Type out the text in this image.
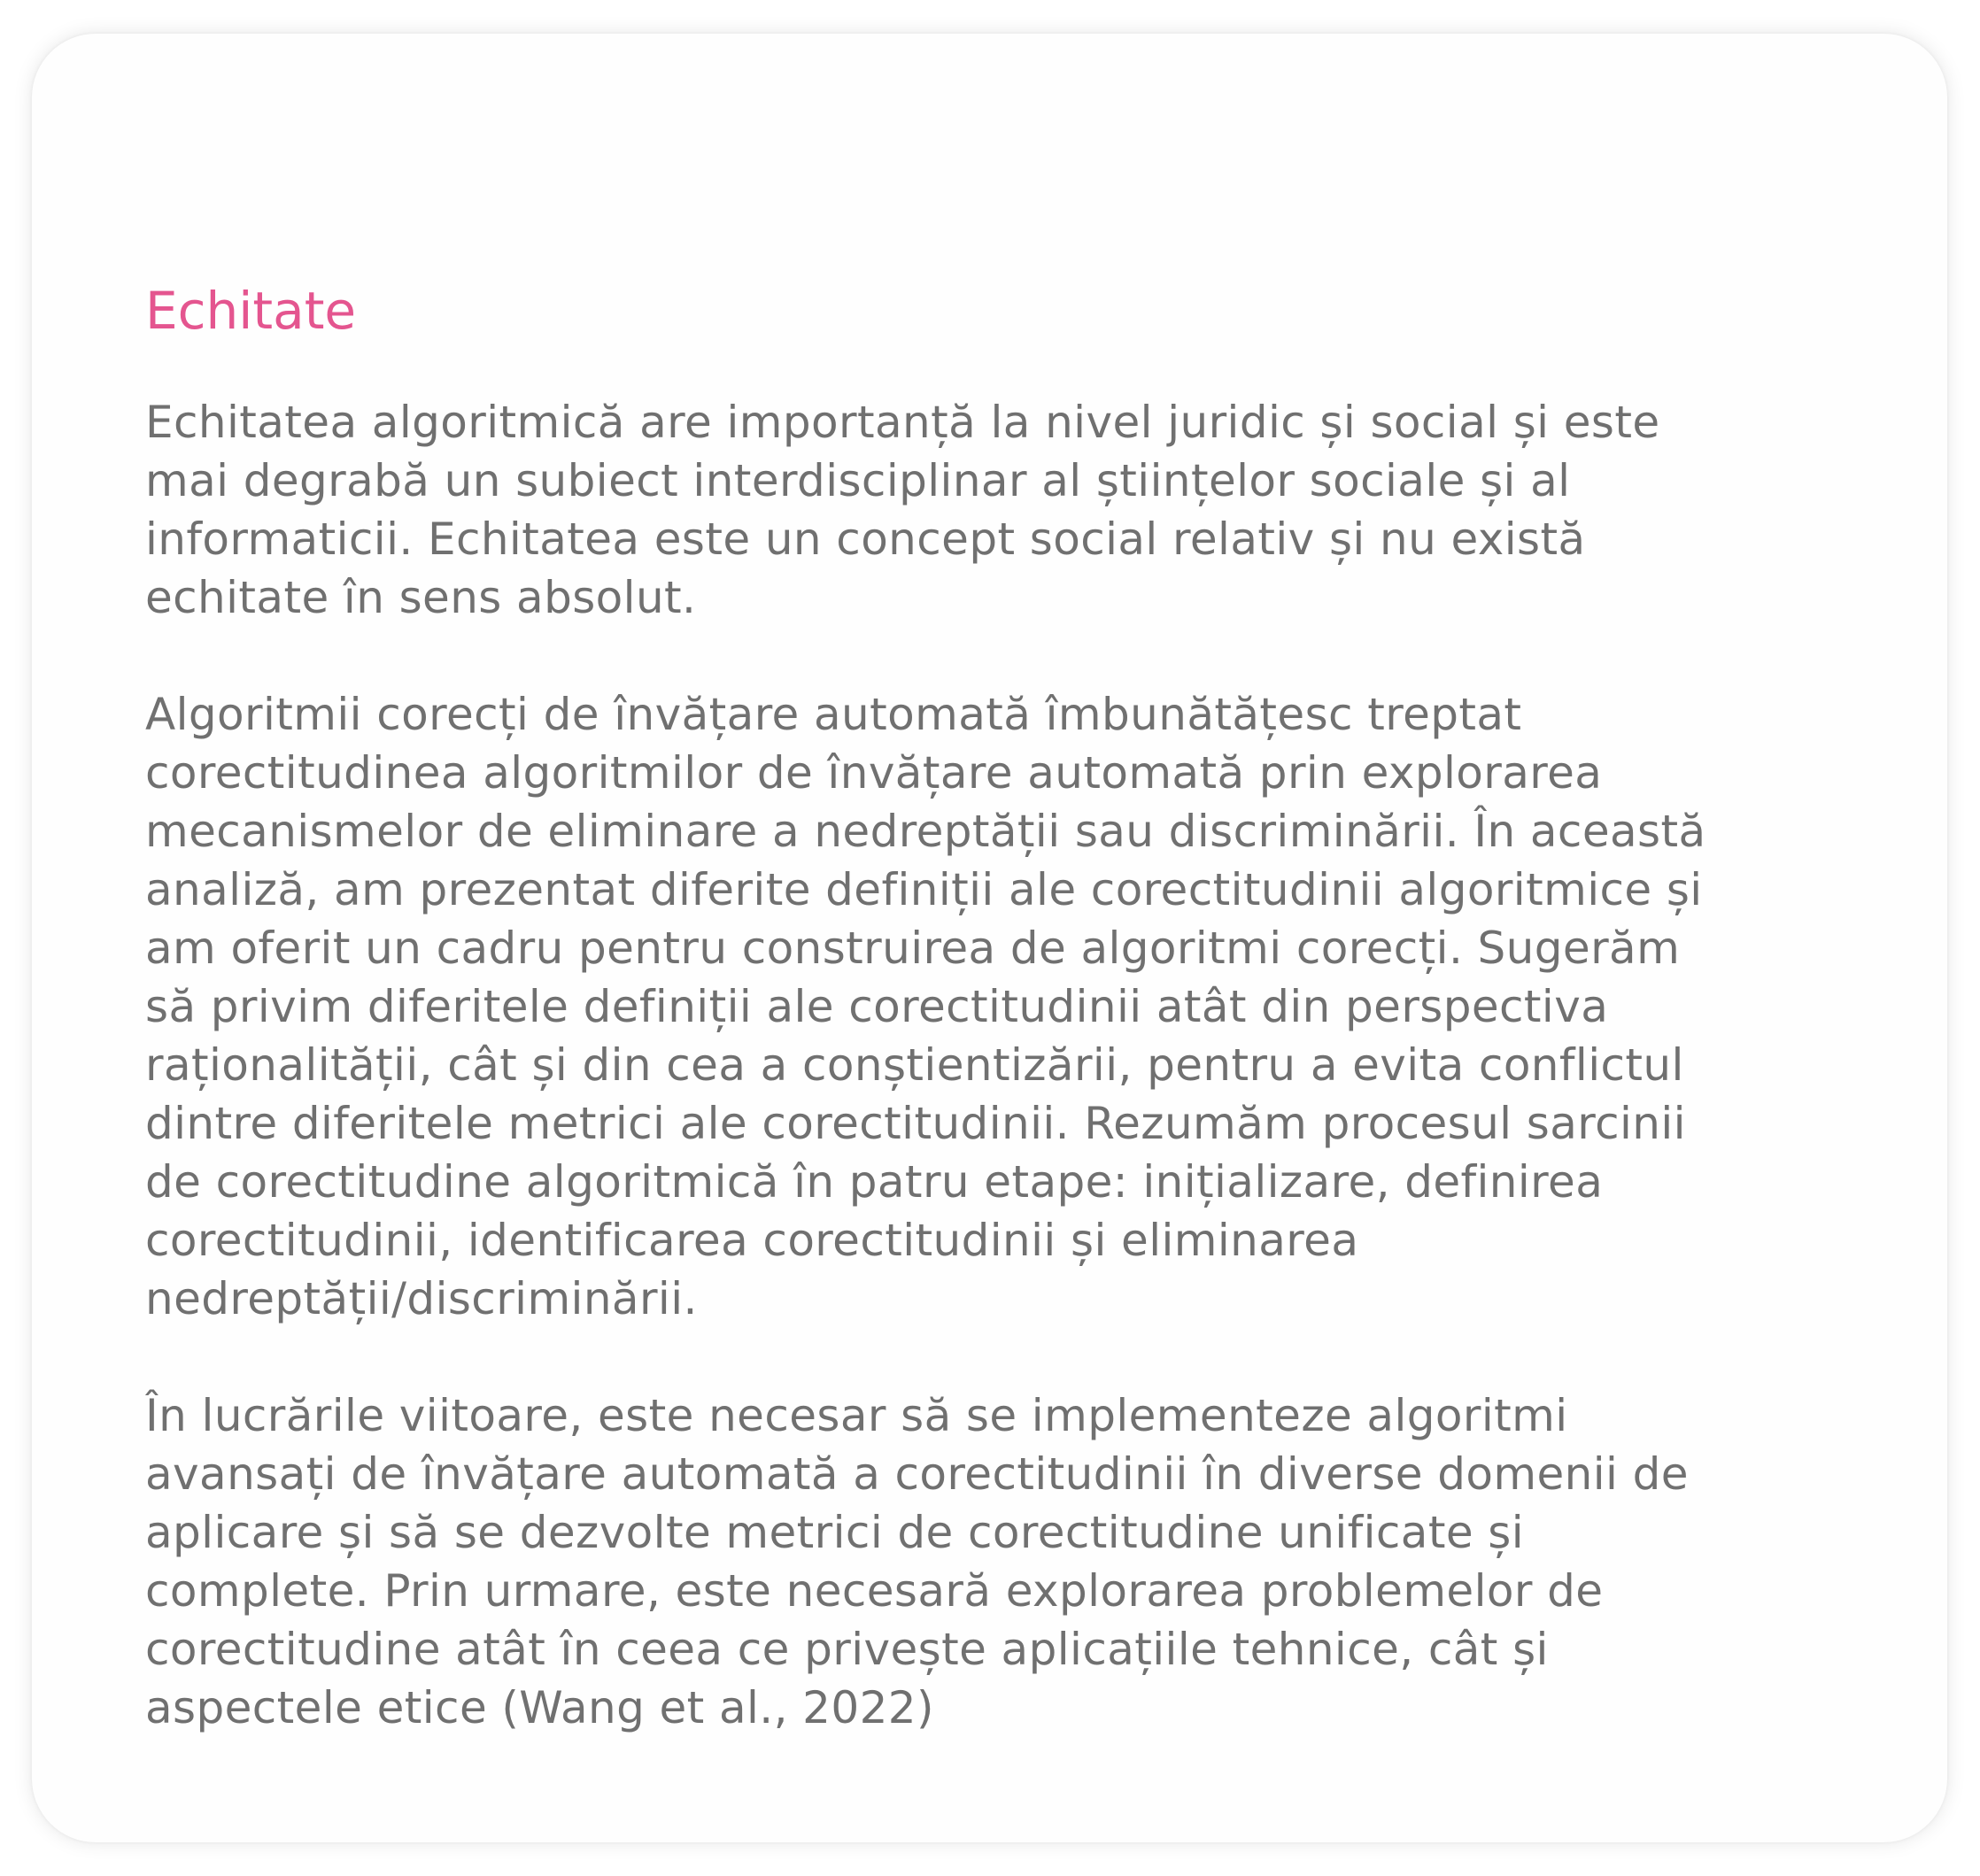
Echitate

Echitatea algoritmică are importanță la nivel juridic și social și este
mai degrabă un subiect interdisciplinar al științelor sociale și al
informaticii. Echitatea este un concept social relativ și nu există
echitate în sens absolut.

Algoritmii corecți de învățare automată îmbunătățesc treptat
corectitudinea algoritmilor de învățare automată prin explorarea
mecanismelor de eliminare a nedreptății sau discriminării. În această
analiză, am prezentat diferite definiții ale corectitudinii algoritmice și
am oferit un cadru pentru construirea de algoritmi corecți. Sugerăm
să privim diferitele definiții ale corectitudinii atât din perspectiva
raționalității, cât și din cea a conștientizării, pentru a evita conflictul
dintre diferitele metrici ale corectitudinii. Rezumăm procesul sarcinii
de corectitudine algoritmică în patru etape: inițializare, definirea
corectitudinii, identificarea corectitudinii și eliminarea
nedreptății/discriminării.

În lucrările viitoare, este necesar să se implementeze algoritmi
avansați de învățare automată a corectitudinii în diverse domenii de
aplicare și să se dezvolte metrici de corectitudine unificate și
complete. Prin urmare, este necesară explorarea problemelor de
corectitudine atât în ceea ce privește aplicațiile tehnice, cât și
aspectele etice (Wang et al., 2022)
